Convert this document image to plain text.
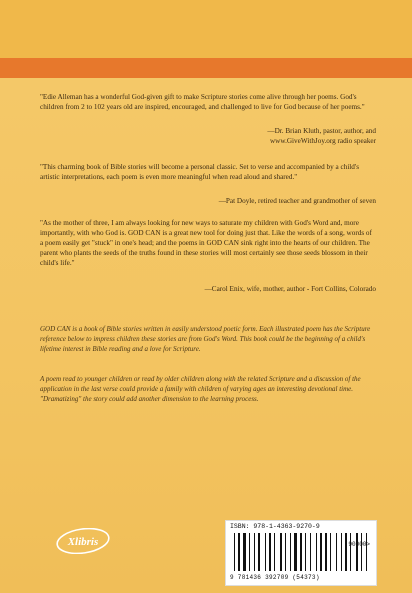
"Edie Alleman has a wonderful God-given gift to make Scripture stories come alive through her poems. God's children from 2 to 102 years old are inspired, encouraged, and challenged to live for God because of her poems."

—Dr. Brian Kluth, pastor, author, and

www.GiveWithJoy.org radio speaker

"This charming book of Bible stories will become a personal classic. Set to verse and accompanied by a child's artistic interpretations, each poem is even more meaningful when read aloud and shared."

—Pat Doyle, retired teacher and grandmother of seven

"As the mother of three, I am always looking for new ways to saturate my children with God's Word and, more importantly, with who God is. GOD CAN is a great new tool for doing just that. Like the words of a song, words of a poem easily get "stuck" in one's head; and the poems in GOD CAN sink right into the hearts of our children. The parent who plants the seeds of the truths found in these stories will most certainly see those seeds blossom in their child's life."

—Carol Enix, wife, mother, author - Fort Collins, Colorado

GOD CAN is a book of Bible stories written in easily understood poetic form. Each illustrated poem has the Scripture reference below to impress children these stories are from God's Word. This book could be the beginning of a child's lifetime interest in Bible reading and a love for Scripture.

A poem read to younger children or read by older children along with the related Scripture and a discussion of the application in the last verse could provide a family with children of varying ages an interesting devotional time. "Dramatizing" the story could add another dimension to the learning process.

Xlibris
ISBN: 978-1-4363-9270-9
90000>
9 781436 392709 (54373)
